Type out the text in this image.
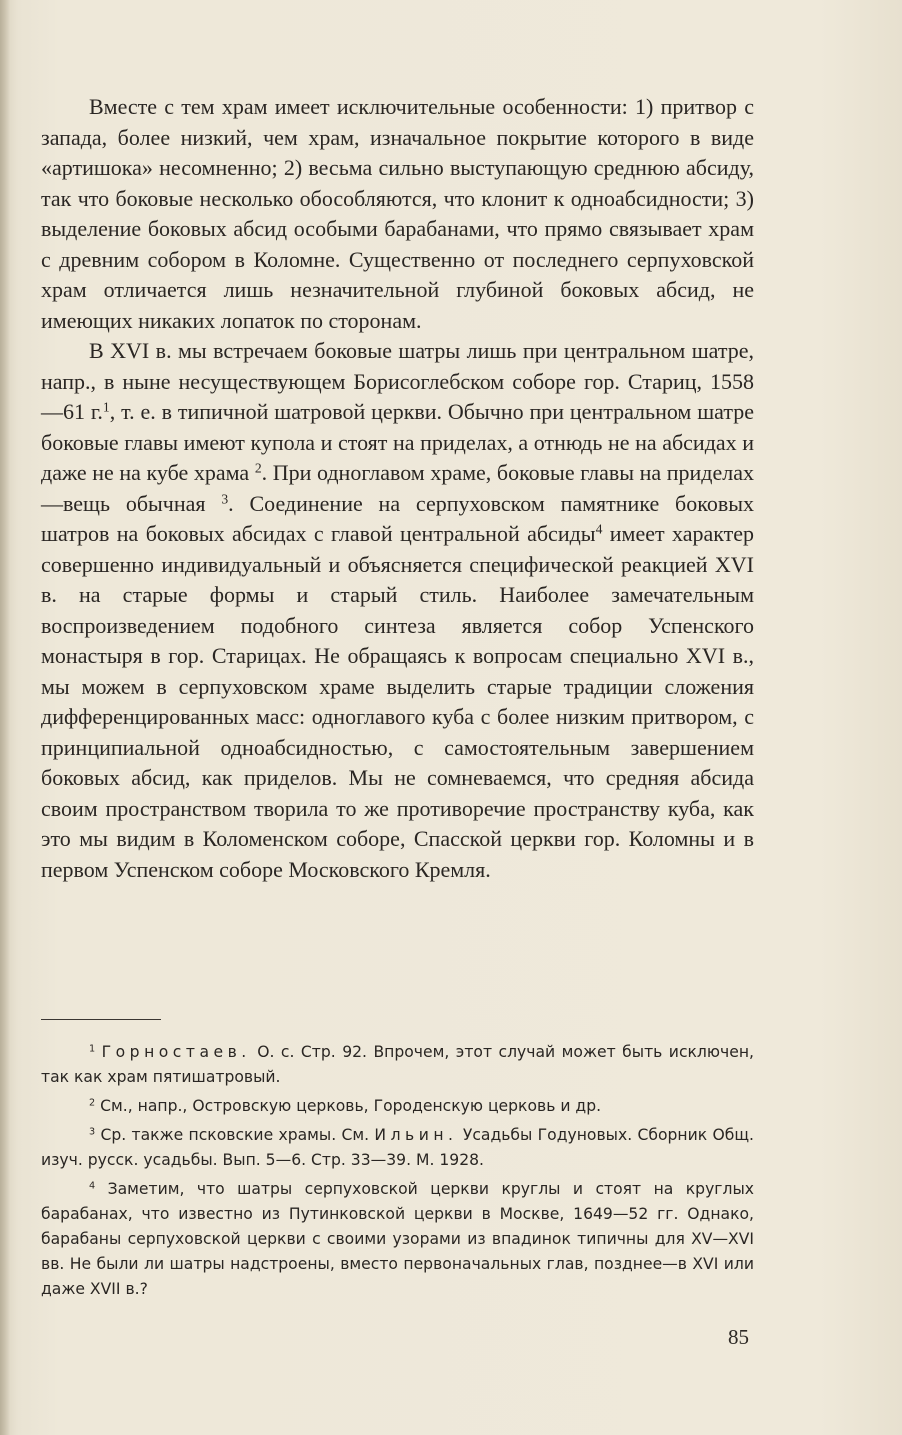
Вместе с тем храм имеет исключительные особенности: 1) притвор с запада, более низкий, чем храм, изначальное покрытие которого в виде «артишока» несомненно; 2) весьма сильно выступающую среднюю абсиду, так что боковые несколько обособляются, что клонит к одноабсидности; 3) выделение боковых абсид особыми барабанами, что прямо связывает храм с древним собором в Коломне. Существенно от последнего серпуховской храм отличается лишь незначительной глубиной боковых абсид, не имеющих никаких лопаток по сторонам.

В XVI в. мы встречаем боковые шатры лишь при центральном шатре, напр., в ныне несуществующем Борисоглебском соборе гор. Стариц, 1558—61 г.$^1$, т. е. в типичной шатровой церкви. Обычно при центральном шатре боковые главы имеют купола и стоят на приделах, а отнюдь не на абсидах и даже не на кубе храма $^2$. При одноглавом храме, боковые главы на приделах—вещь обычная $^3$. Соединение на серпуховском памятнике боковых шатров на боковых абсидах с главой центральной абсиды$^4$ имеет характер совершенно индивидуальный и объясняется специфической реакцией XVI в. на старые формы и старый стиль. Наиболее замечательным воспроизведением подобного синтеза является собор Успенского монастыря в гор. Старицах. Не обращаясь к вопросам специально XVI в., мы можем в серпуховском храме выделить старые традиции сложения дифференцированных масс: одноглавого куба с более низким притвором, с принципиальной одноабсидностью, с самостоятельным завершением боковых абсид, как приделов. Мы не сомневаемся, что средняя абсида своим пространством творила то же противоречие пространству куба, как это мы видим в Коломенском соборе, Спасской церкви гор. Коломны и в первом Успенском соборе Московского Кремля.

$^1$ Горностаев. О. с. Стр. 92. Впрочем, этот случай может быть исключен, так как храм пятишатровый.

$^2$ См., напр., Островскую церковь, Городенскую церковь и др.

$^3$ Ср. также псковские храмы. См. Ильин. Усадьбы Годуновых. Сборник Общ. изуч. русск. усадьбы. Вып. 5—6. Стр. 33—39. М. 1928.

$^4$ Заметим, что шатры серпуховской церкви круглы и стоят на круглых барабанах, что известно из Путинковской церкви в Москве, 1649—52 гг. Однако, барабаны серпуховской церкви с своими узорами из впадинок типичны для XV—XVI вв. Не были ли шатры надстроены, вместо первоначальных глав, позднее—в XVI или даже XVII в.?

85
